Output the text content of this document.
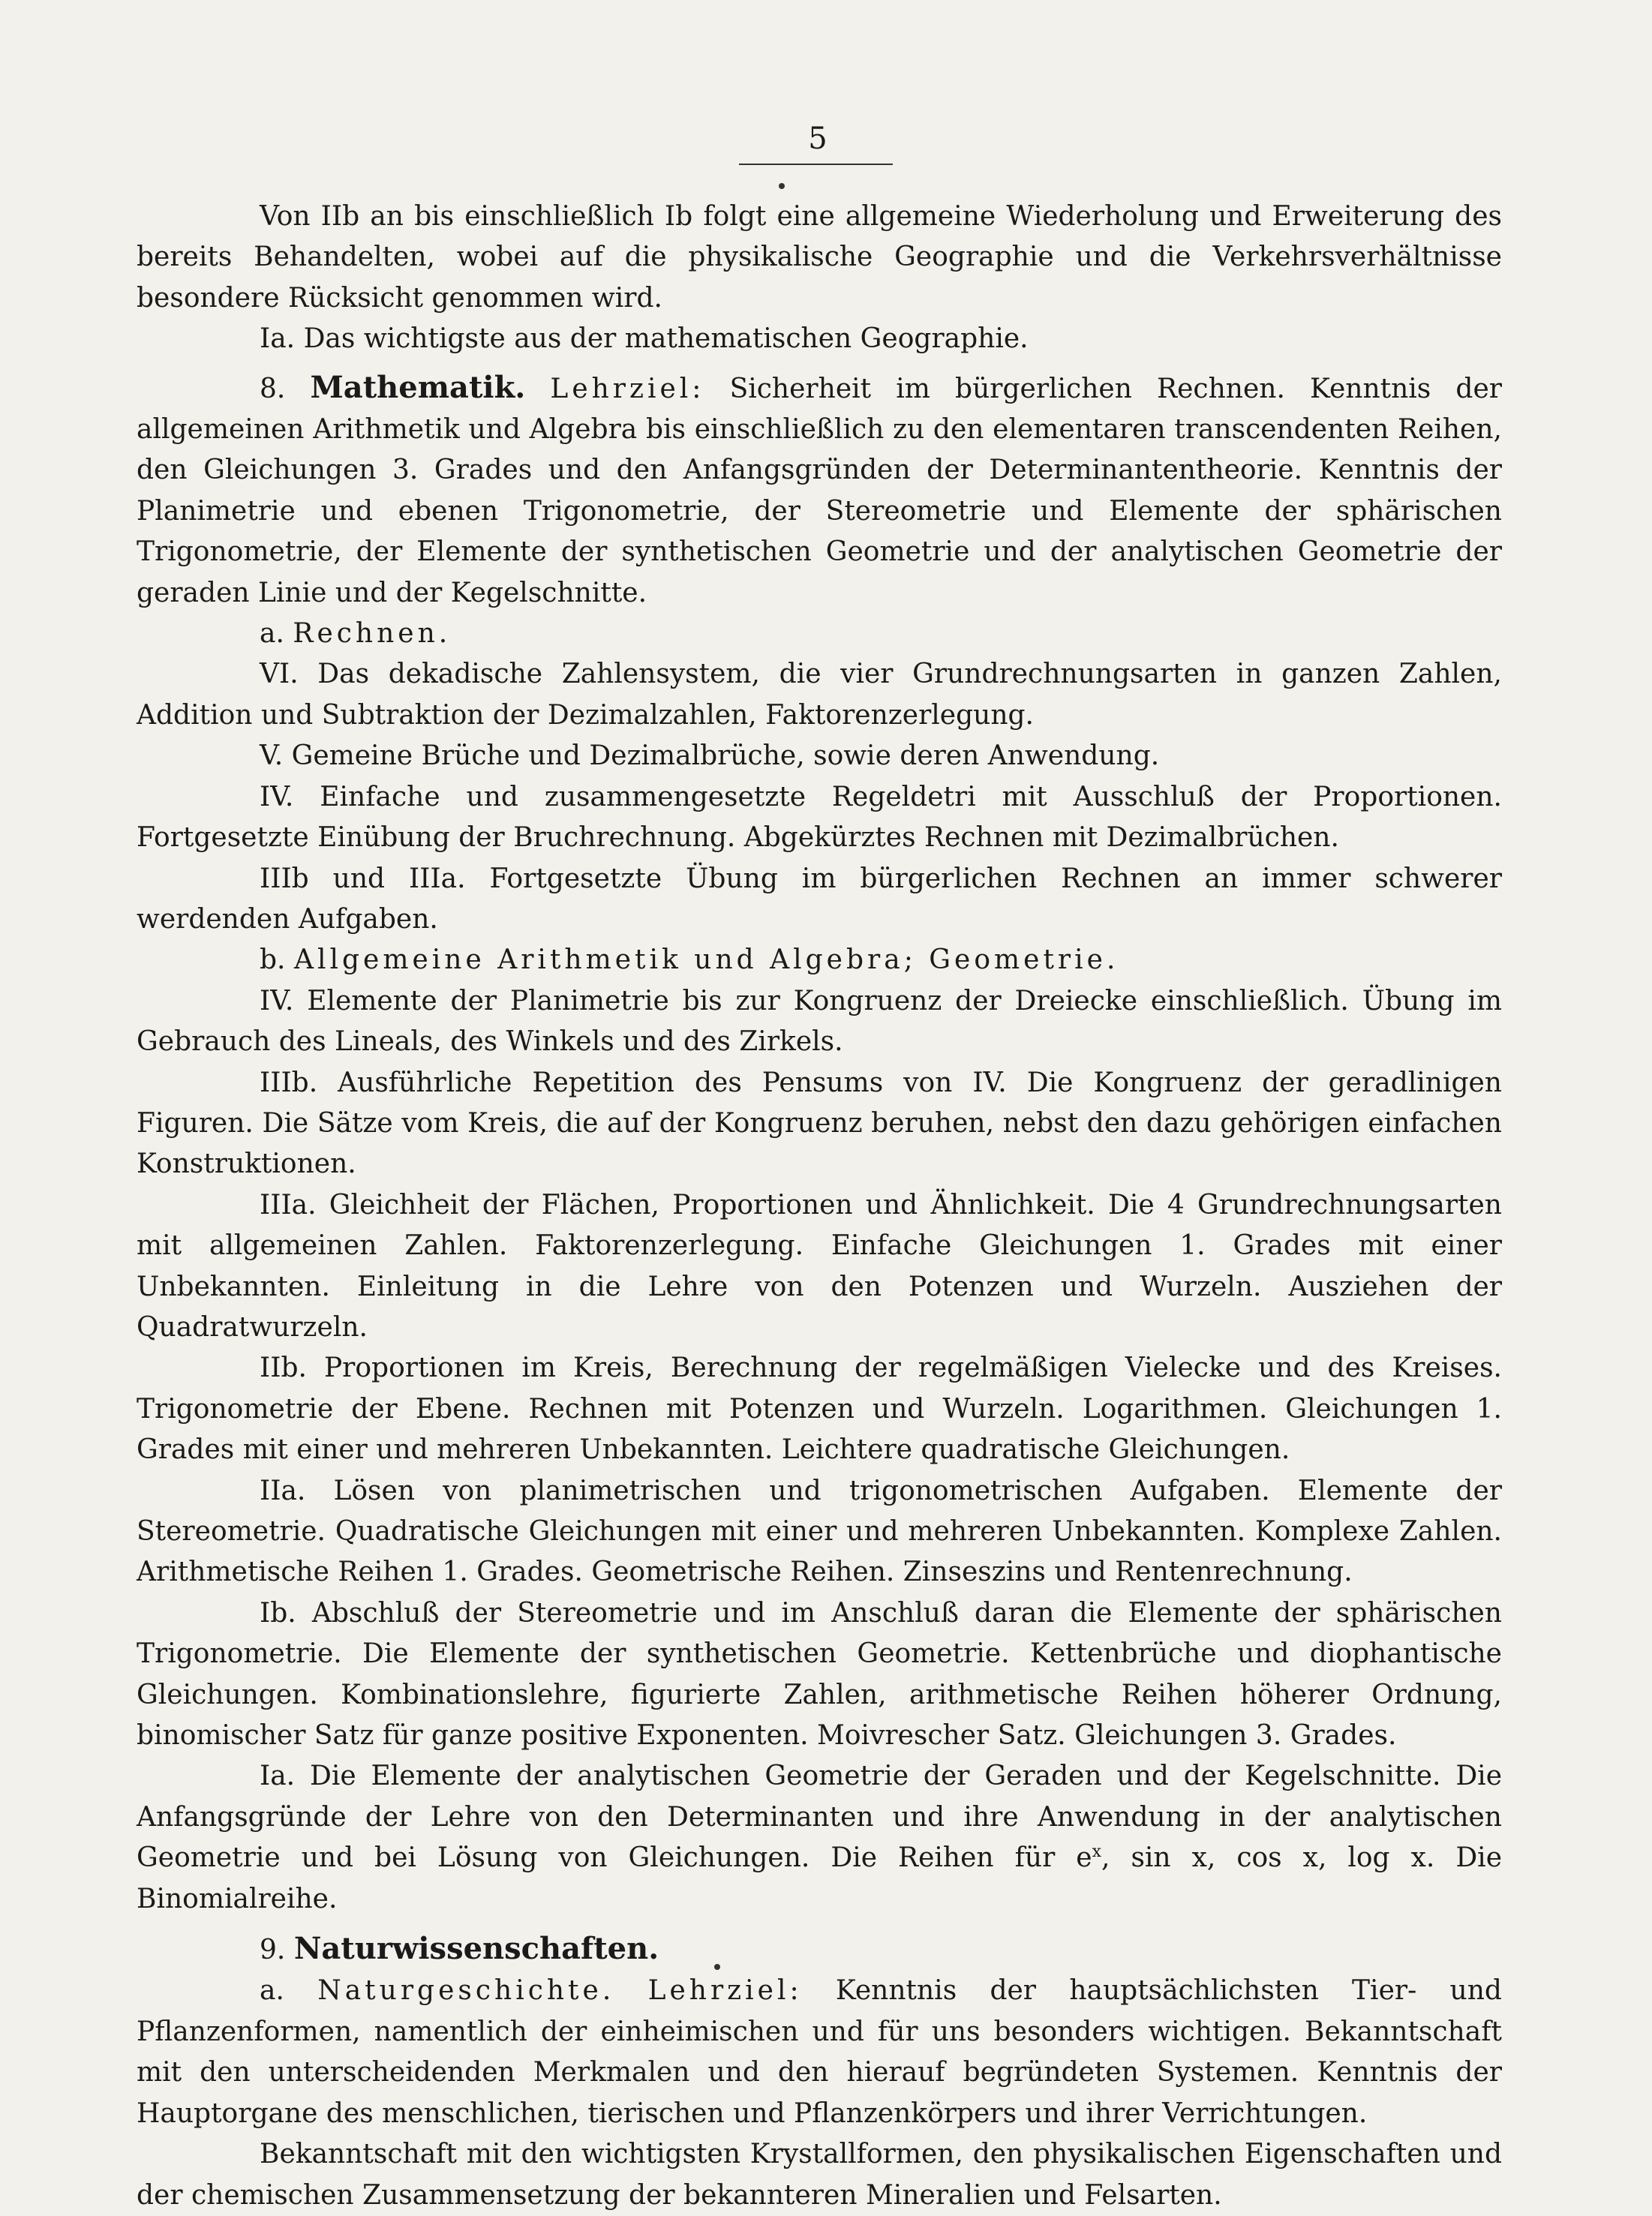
5

Von IIb an bis einschließlich Ib folgt eine allgemeine Wiederholung und Erweiterung des bereits Behandelten, wobei auf die physikalische Geographie und die Verkehrsverhältnisse besondere Rücksicht genommen wird.

Ia. Das wichtigste aus der mathematischen Geographie.

8. Mathematik. Lehrziel: Sicherheit im bürgerlichen Rechnen. Kenntnis der allgemeinen Arithmetik und Algebra bis einschließlich zu den elementaren transcendenten Reihen, den Gleichungen 3. Grades und den Anfangsgründen der Determinantentheorie. Kenntnis der Planimetrie und ebenen Trigonometrie, der Stereometrie und Elemente der sphärischen Trigonometrie, der Elemente der synthetischen Geometrie und der analytischen Geometrie der geraden Linie und der Kegelschnitte.

a. Rechnen.

VI. Das dekadische Zahlensystem, die vier Grundrechnungsarten in ganzen Zahlen, Addition und Subtraktion der Dezimalzahlen, Faktorenzerlegung.

V. Gemeine Brüche und Dezimalbrüche, sowie deren Anwendung.

IV. Einfache und zusammengesetzte Regeldetri mit Ausschluß der Proportionen. Fortgesetzte Einübung der Bruchrechnung. Abgekürztes Rechnen mit Dezimalbrüchen.

IIIb und IIIa. Fortgesetzte Übung im bürgerlichen Rechnen an immer schwerer werdenden Aufgaben.

b. Allgemeine Arithmetik und Algebra; Geometrie.

IV. Elemente der Planimetrie bis zur Kongruenz der Dreiecke einschließlich. Übung im Gebrauch des Lineals, des Winkels und des Zirkels.

IIIb. Ausführliche Repetition des Pensums von IV. Die Kongruenz der geradlinigen Figuren. Die Sätze vom Kreis, die auf der Kongruenz beruhen, nebst den dazu gehörigen einfachen Konstruktionen.

IIIa. Gleichheit der Flächen, Proportionen und Ähnlichkeit. Die 4 Grundrechnungsarten mit allgemeinen Zahlen. Faktorenzerlegung. Einfache Gleichungen 1. Grades mit einer Unbekannten. Einleitung in die Lehre von den Potenzen und Wurzeln. Ausziehen der Quadratwurzeln.

IIb. Proportionen im Kreis, Berechnung der regelmäßigen Vielecke und des Kreises. Trigonometrie der Ebene. Rechnen mit Potenzen und Wurzeln. Logarithmen. Gleichungen 1. Grades mit einer und mehreren Unbekannten. Leichtere quadratische Gleichungen.

IIa. Lösen von planimetrischen und trigonometrischen Aufgaben. Elemente der Stereometrie. Quadratische Gleichungen mit einer und mehreren Unbekannten. Komplexe Zahlen. Arithmetische Reihen 1. Grades. Geometrische Reihen. Zinseszins und Rentenrechnung.

Ib. Abschluß der Stereometrie und im Anschluß daran die Elemente der sphärischen Trigonometrie. Die Elemente der synthetischen Geometrie. Kettenbrüche und diophantische Gleichungen. Kombinationslehre, figurierte Zahlen, arithmetische Reihen höherer Ordnung, binomischer Satz für ganze positive Exponenten. Moivrescher Satz. Gleichungen 3. Grades.

Ia. Die Elemente der analytischen Geometrie der Geraden und der Kegelschnitte. Die Anfangsgründe der Lehre von den Determinanten und ihre Anwendung in der analytischen Geometrie und bei Lösung von Gleichungen. Die Reihen für $e^x$, sin x, cos x, log x. Die Binomialreihe.

9. Naturwissenschaften.

a. Naturgeschichte. Lehrziel: Kenntnis der hauptsächlichsten Tier- und Pflanzenformen, namentlich der einheimischen und für uns besonders wichtigen. Bekanntschaft mit den unterscheidenden Merkmalen und den hierauf begründeten Systemen. Kenntnis der Hauptorgane des menschlichen, tierischen und Pflanzenkörpers und ihrer Verrichtungen.

Bekanntschaft mit den wichtigsten Krystallformen, den physikalischen Eigenschaften und der chemischen Zusammensetzung der bekannteren Mineralien und Felsarten.
